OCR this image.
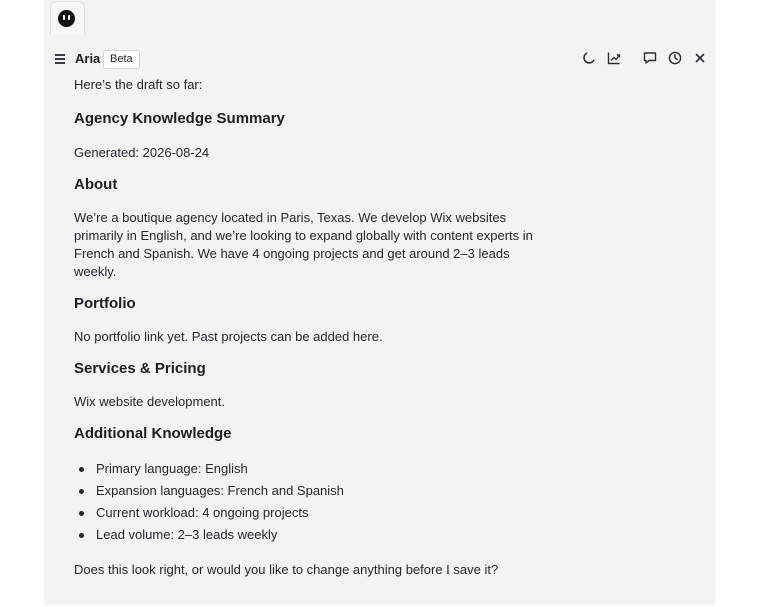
Aria Beta

Here’s the draft so far:

Agency Knowledge Summary

Generated: 2026-08-24

About

We’re a boutique agency located in Paris, Texas. We develop Wix websites primarily in English, and we’re looking to expand globally with content experts in French and Spanish. We have 4 ongoing projects and get around 2–3 leads weekly.

Portfolio

No portfolio link yet. Past projects can be added here.

Services & Pricing

Wix website development.

Additional Knowledge
Primary language: English
Expansion languages: French and Spanish
Current workload: 4 ongoing projects
Lead volume: 2–3 leads weekly

Does this look right, or would you like to change anything before I save it?
